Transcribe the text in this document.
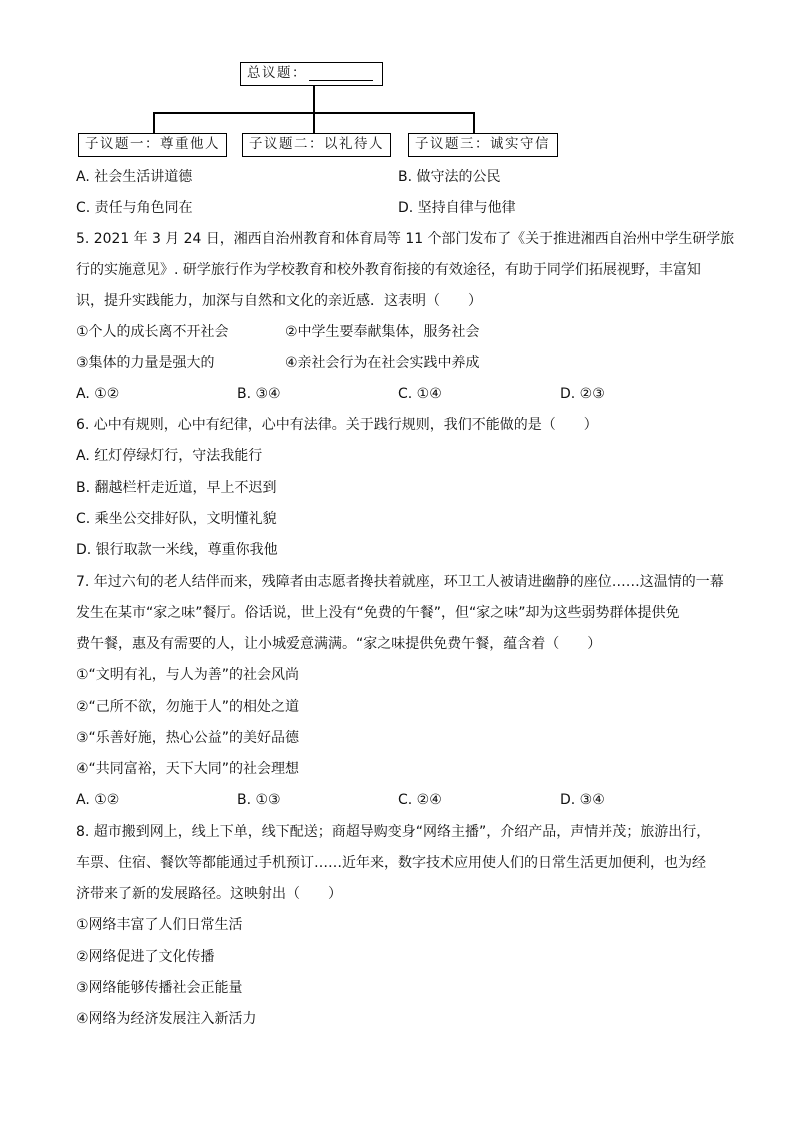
总议题：
子议题一：尊重他人 子议题二：以礼待人 子议题三：诚实守信
A. 社会生活讲道德	B. 做守法的公民
C. 责任与角色同在	D. 坚持自律与他律
5. 2021 年 3 月 24 日，湘西自治州教育和体育局等 11 个部门发布了《关于推进湘西自治州中学生研学旅
行的实施意见》. 研学旅行作为学校教育和校外教育衔接的有效途径，有助于同学们拓展视野，丰富知
识，提升实践能力，加深与自然和文化的亲近感．这表明（　　）
①个人的成长离不开社会	②中学生要奉献集体，服务社会
③集体的力量是强大的	④亲社会行为在社会实践中养成
A. ①②	B. ③④	C. ①④	D. ②③
6. 心中有规则，心中有纪律，心中有法律。关于践行规则，我们不能做的是（　　）
A. 红灯停绿灯行，守法我能行
B. 翻越栏杆走近道，早上不迟到
C. 乘坐公交排好队，文明懂礼貌
D. 银行取款一米线，尊重你我他
7. 年过六旬的老人结伴而来，残障者由志愿者搀扶着就座，环卫工人被请进幽静的座位……这温情的一幕
发生在某市“家之味”餐厅。俗话说，世上没有“免费的午餐”，但“家之味”却为这些弱势群体提供免
费午餐，惠及有需要的人，让小城爱意满满。“家之味提供免费午餐，蕴含着（　　）
①“文明有礼，与人为善”的社会风尚
②“己所不欲，勿施于人”的相处之道
③“乐善好施，热心公益”的美好品德
④“共同富裕，天下大同”的社会理想
A. ①②	B. ①③	C. ②④	D. ③④
8. 超市搬到网上，线上下单，线下配送；商超导购变身“网络主播”，介绍产品，声情并茂；旅游出行，
车票、住宿、餐饮等都能通过手机预订……近年来，数字技术应用使人们的日常生活更加便利，也为经
济带来了新的发展路径。这映射出（　　）
①网络丰富了人们日常生活
②网络促进了文化传播
③网络能够传播社会正能量
④网络为经济发展注入新活力
